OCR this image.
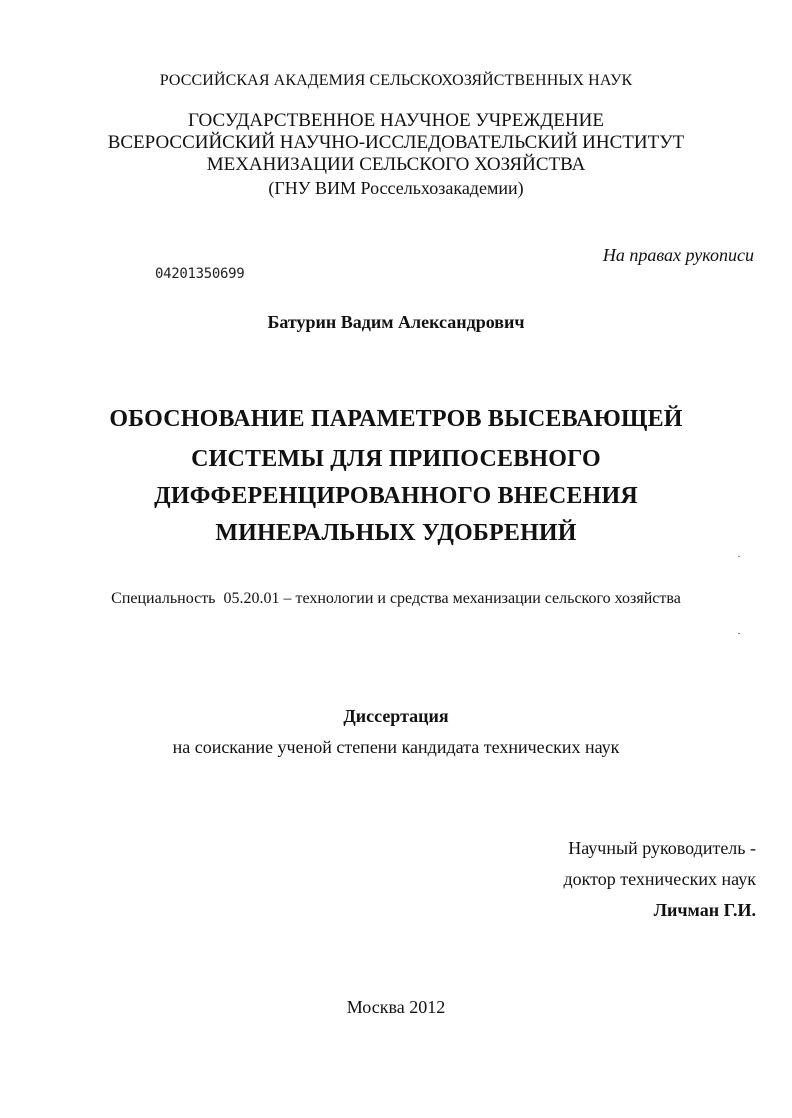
РОССИЙСКАЯ АКАДЕМИЯ СЕЛЬСКОХОЗЯЙСТВЕННЫХ НАУК
ГОСУДАРСТВЕННОЕ НАУЧНОЕ УЧРЕЖДЕНИЕ
ВСЕРОССИЙСКИЙ НАУЧНО-ИССЛЕДОВАТЕЛЬСКИЙ ИНСТИТУТ
МЕХАНИЗАЦИИ СЕЛЬСКОГО ХОЗЯЙСТВА
(ГНУ ВИМ Россельхозакадемии)
На правах рукописи
04201350699
Батурин Вадим Александрович
ОБОСНОВАНИЕ ПАРАМЕТРОВ ВЫСЕВАЮЩЕЙ
СИСТЕМЫ ДЛЯ ПРИПОСЕВНОГО
ДИФФЕРЕНЦИРОВАННОГО ВНЕСЕНИЯ
МИНЕРАЛЬНЫХ УДОБРЕНИЙ
Специальность  05.20.01 – технологии и средства механизации сельского хозяйства
Диссертация
на соискание ученой степени кандидата технических наук
Научный руководитель -
доктор технических наук
Личман Г.И.
Москва 2012
